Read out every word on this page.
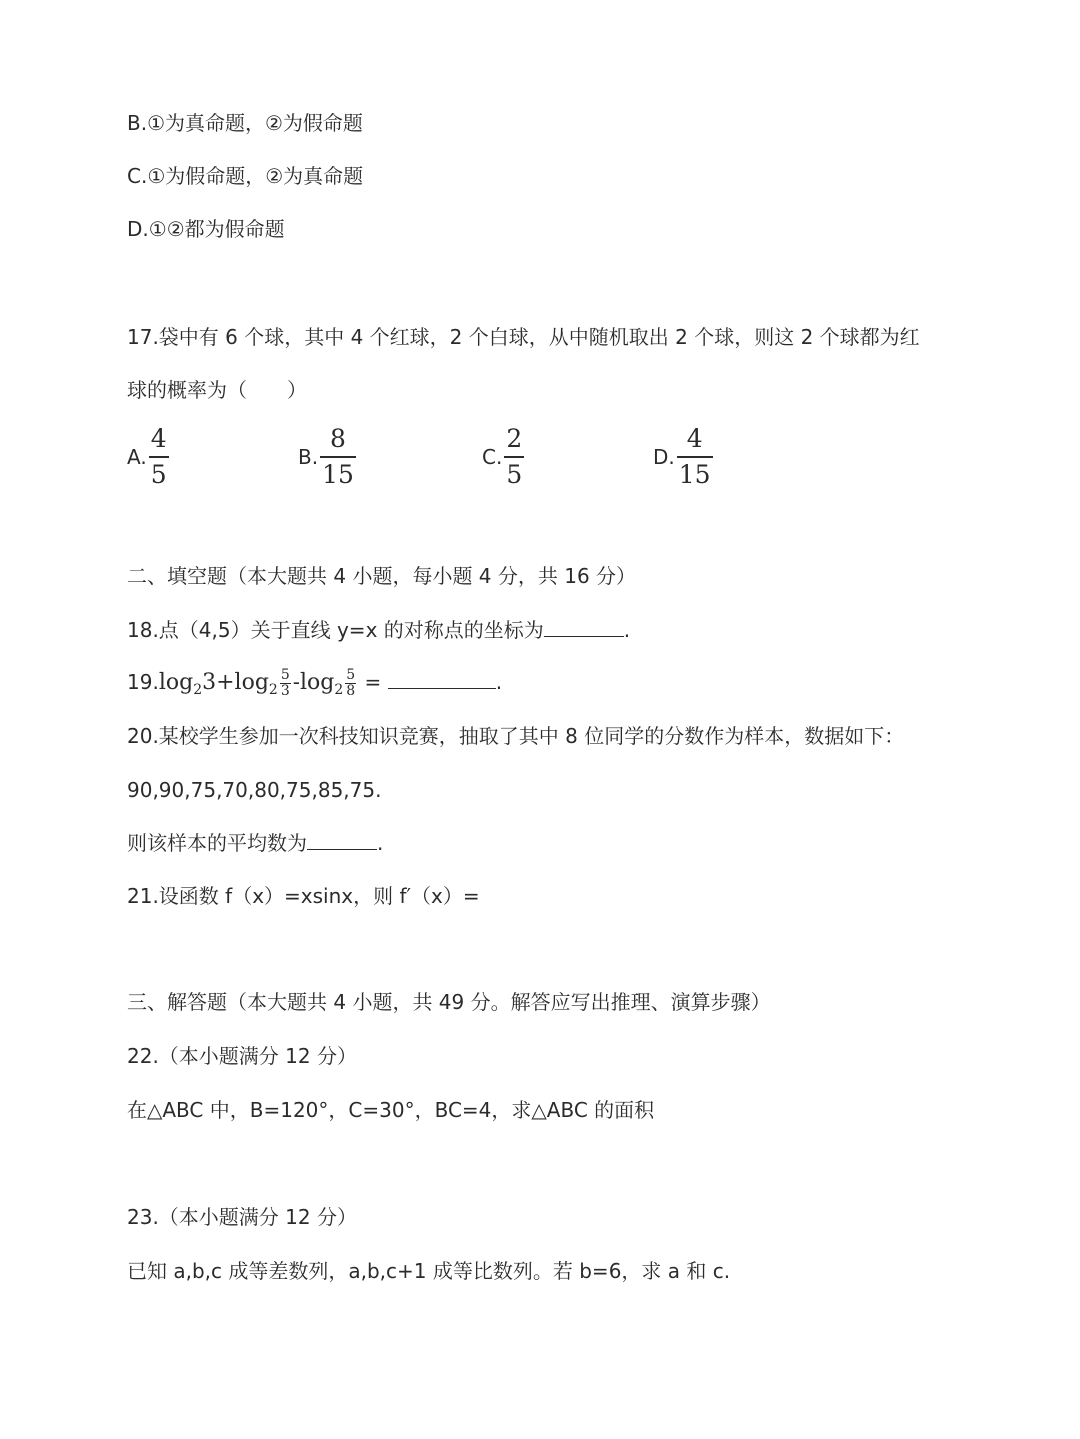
B.①为真命题，②为假命题
C.①为假命题，②为真命题
D.①②都为假命题
17.袋中有 6 个球，其中 4 个红球，2 个白球，从中随机取出 2 个球，则这 2 个球都为红
球的概率为（　　）
A. $\frac{4}{5}$	B. $\frac{8}{15}$	C. $\frac{2}{5}$	D. $\frac{4}{15}$
二、填空题（本大题共 4 小题，每小题 4 分，共 16 分）
18.点（4,5）关于直线 y=x 的对称点的坐标为	.
$19.\log_23+\log_2 \frac{5}{3} -\log_2 \frac{5}{8}$ =	.
20.某校学生参加一次科技知识竞赛，抽取了其中 8 位同学的分数作为样本，数据如下：
90,90,75,70,80,75,85,75.
则该样本的平均数为	.
21.设函数 f（x）=xsinx，则 f′（x）=
三、解答题（本大题共 4 小题，共 49 分。解答应写出推理、演算步骤）
22.（本小题满分 12 分）
在△ABC 中，B=120°，C=30°，BC=4，求△ABC 的面积
23.（本小题满分 12 分）
已知 a,b,c 成等差数列，a,b,c+1 成等比数列。若 b=6，求 a 和 c.
